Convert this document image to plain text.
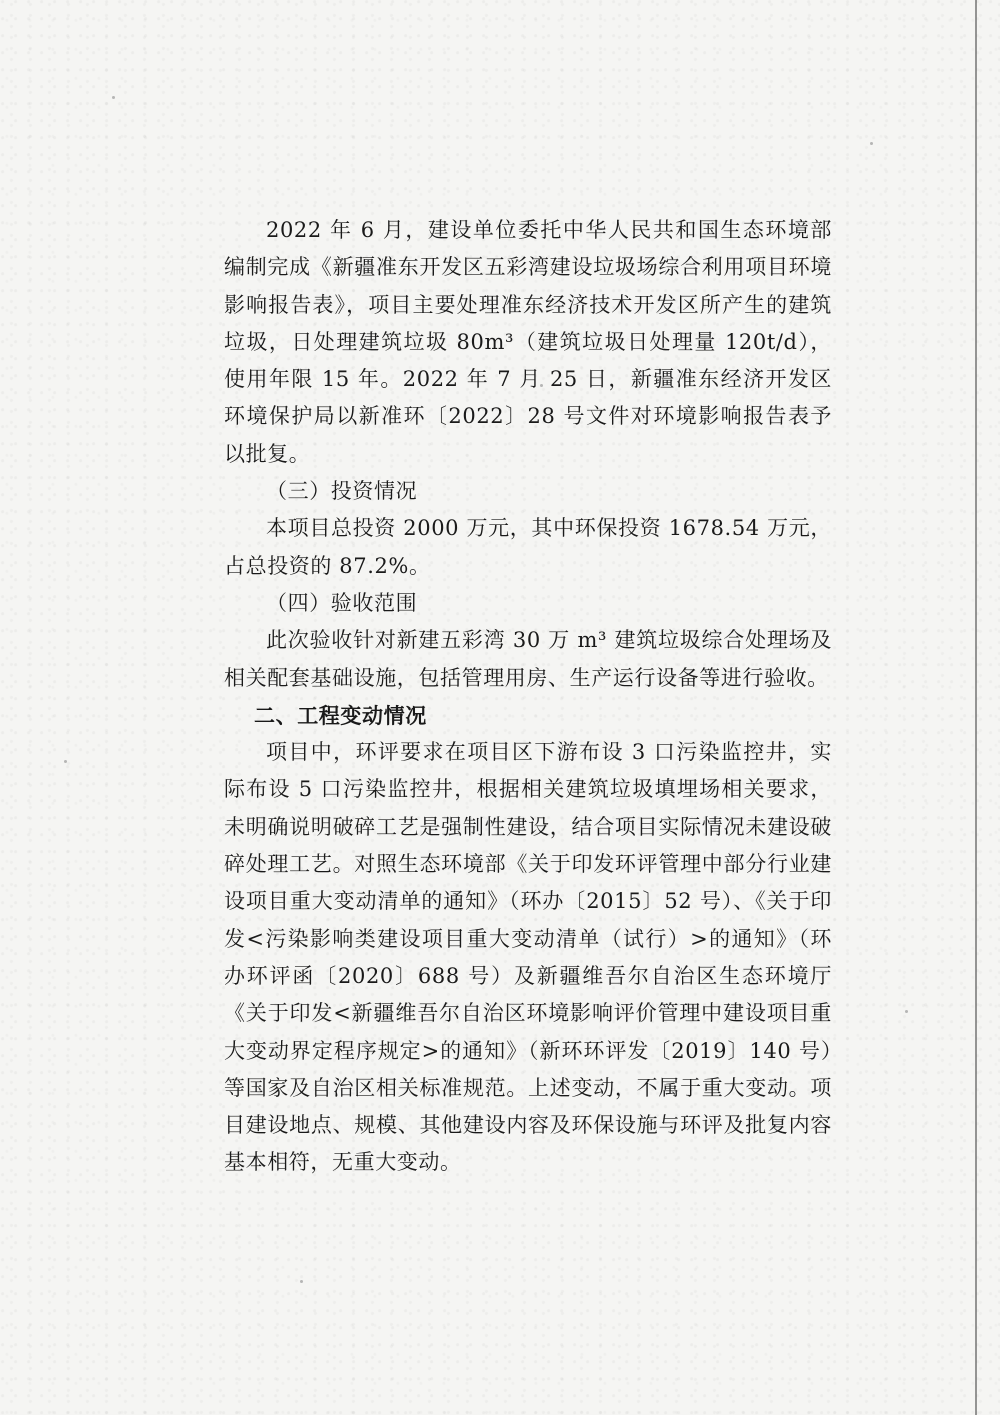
2022 年 6 月，建设单位委托中华人民共和国生态环境部编制完成《新疆准东开发区五彩湾建设垃圾场综合利用项目环境影响报告表》，项目主要处理准东经济技术开发区所产生的建筑垃圾，日处理建筑垃圾 80m³（建筑垃圾日处理量 120t/d），使用年限 15 年。2022 年 7 月 25 日，新疆准东经济开发区环境保护局以新准环〔2022〕28 号文件对环境影响报告表予以批复。

（三）投资情况

本项目总投资 2000 万元，其中环保投资 1678.54 万元，占总投资的 87.2%。

（四）验收范围

此次验收针对新建五彩湾 30 万 m³ 建筑垃圾综合处理场及相关配套基础设施，包括管理用房、生产运行设备等进行验收。

二、工程变动情况

项目中，环评要求在项目区下游布设 3 口污染监控井，实际布设 5 口污染监控井，根据相关建筑垃圾填埋场相关要求，未明确说明破碎工艺是强制性建设，结合项目实际情况未建设破碎处理工艺。对照生态环境部《关于印发环评管理中部分行业建设项目重大变动清单的通知》（环办〔2015〕52 号）、《关于印发<污染影响类建设项目重大变动清单（试行）>的通知》（环办环评函〔2020〕688 号）及新疆维吾尔自治区生态环境厅《关于印发<新疆维吾尔自治区环境影响评价管理中建设项目重大变动界定程序规定>的通知》（新环环评发〔2019〕140 号）等国家及自治区相关标准规范。上述变动，不属于重大变动。项目建设地点、规模、其他建设内容及环保设施与环评及批复内容基本相符，无重大变动。
